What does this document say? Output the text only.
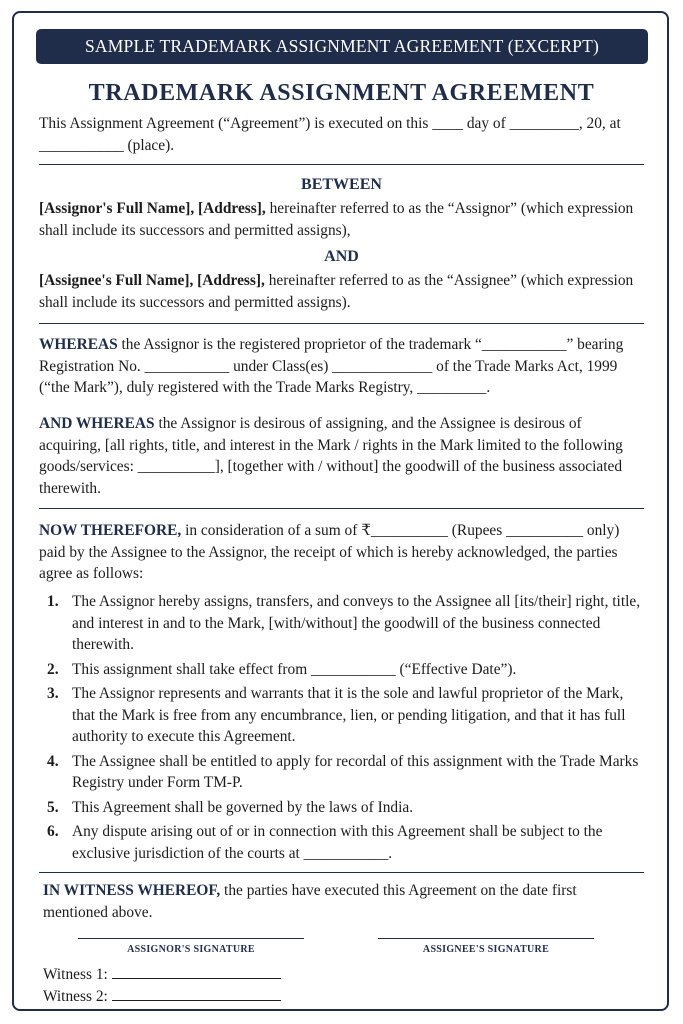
SAMPLE TRADEMARK ASSIGNMENT AGREEMENT (EXCERPT)
TRADEMARK ASSIGNMENT AGREEMENT
This Assignment Agreement (“Agreement”) is executed on this ____ day of _________, 20, at ___________ (place).
BETWEEN
[Assignor's Full Name], [Address], hereinafter referred to as the “Assignor” (which expression shall include its successors and permitted assigns),
AND
[Assignee's Full Name], [Address], hereinafter referred to as the “Assignee” (which expression shall include its successors and permitted assigns).
WHEREAS the Assignor is the registered proprietor of the trademark “___________” bearing Registration No. ___________ under Class(es) _____________ of the Trade Marks Act, 1999 (“the Mark”), duly registered with the Trade Marks Registry, _________.
AND WHEREAS the Assignor is desirous of assigning, and the Assignee is desirous of acquiring, [all rights, title, and interest in the Mark / rights in the Mark limited to the following goods/services: __________], [together with / without] the goodwill of the business associated therewith.
NOW THEREFORE, in consideration of a sum of ₹__________ (Rupees __________ only) paid by the Assignee to the Assignor, the receipt of which is hereby acknowledged, the parties agree as follows:
1. The Assignor hereby assigns, transfers, and conveys to the Assignee all [its/their] right, title, and interest in and to the Mark, [with/without] the goodwill of the business connected therewith.
2. This assignment shall take effect from ___________ (“Effective Date”).
3. The Assignor represents and warrants that it is the sole and lawful proprietor of the Mark, that the Mark is free from any encumbrance, lien, or pending litigation, and that it has full authority to execute this Agreement.
4. The Assignee shall be entitled to apply for recordal of this assignment with the Trade Marks Registry under Form TM-P.
5. This Agreement shall be governed by the laws of India.
6. Any dispute arising out of or in connection with this Agreement shall be subject to the exclusive jurisdiction of the courts at ___________.
IN WITNESS WHEREOF, the parties have executed this Agreement on the date first mentioned above.
ASSIGNOR'S SIGNATURE	ASSIGNEE'S SIGNATURE
Witness 1:
Witness 2:
